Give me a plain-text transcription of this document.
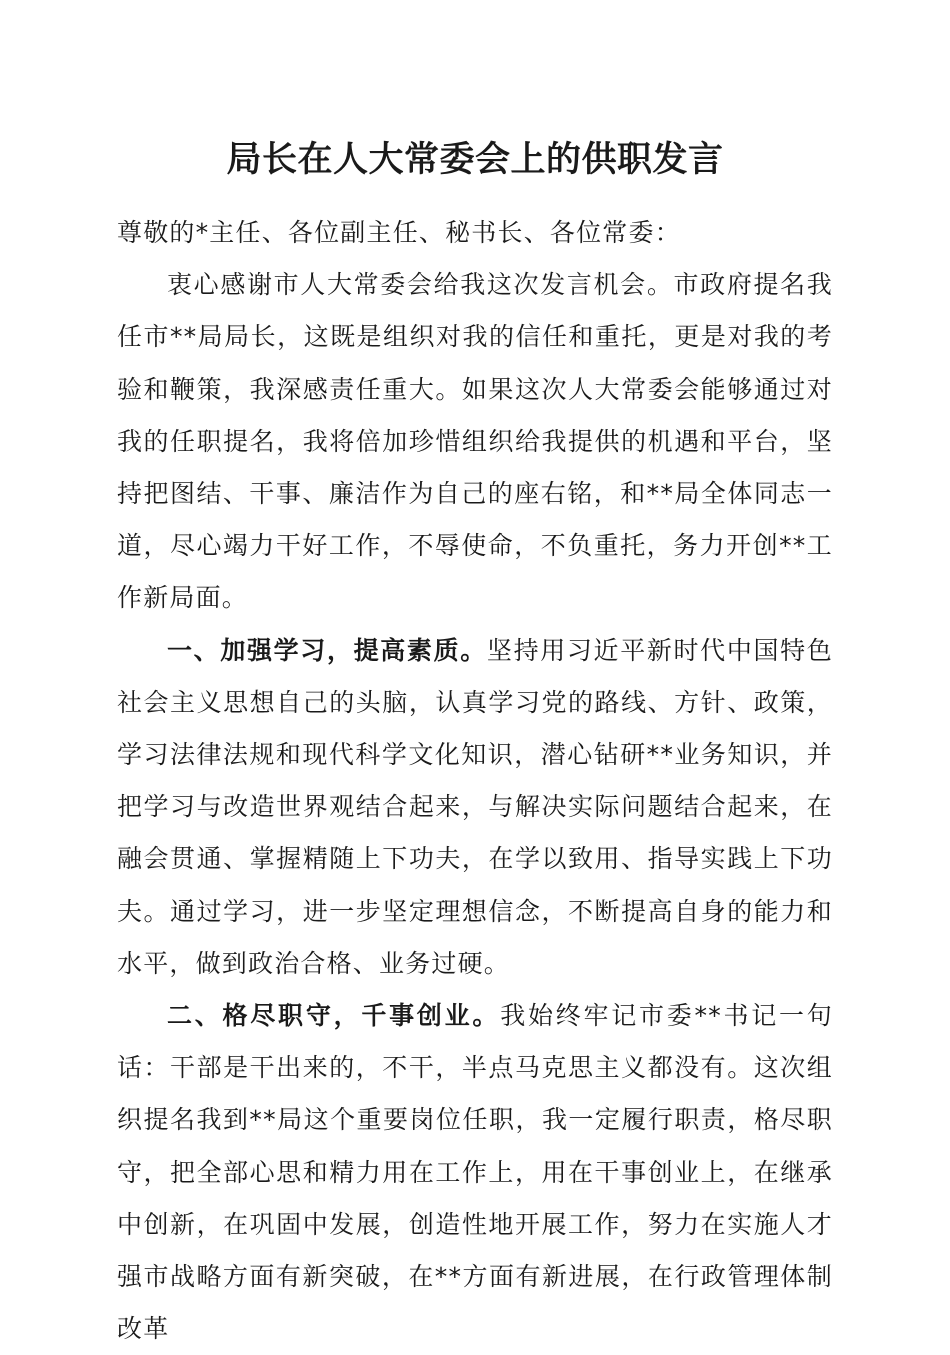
局长在人大常委会上的供职发言

尊敬的*主任、各位副主任、秘书长、各位常委：

衷心感谢市人大常委会给我这次发言机会。市政府提名我任市**局局长，这既是组织对我的信任和重托，更是对我的考验和鞭策，我深感责任重大。如果这次人大常委会能够通过对我的任职提名，我将倍加珍惜组织给我提供的机遇和平台，坚持把图结、干事、廉洁作为自己的座右铭，和**局全体同志一道，尽心竭力干好工作，不辱使命，不负重托，务力开创**工作新局面。

一、加强学习，提高素质。坚持用习近平新时代中国特色社会主义思想自己的头脑，认真学习党的路线、方针、政策，学习法律法规和现代科学文化知识，潜心钻研**业务知识，并把学习与改造世界观结合起来，与解决实际问题结合起来，在融会贯通、掌握精随上下功夫，在学以致用、指导实践上下功夫。通过学习，进一步坚定理想信念，不断提高自身的能力和水平，做到政治合格、业务过硬。

二、格尽职守，千事创业。我始终牢记市委**书记一句话：干部是干出来的，不干，半点马克思主义都没有。这次组织提名我到**局这个重要岗位任职，我一定履行职责，格尽职守，把全部心思和精力用在工作上，用在干事创业上，在继承中创新，在巩固中发展，创造性地开展工作，努力在实施人才强市战略方面有新突破，在**方面有新进展，在行政管理体制改革
